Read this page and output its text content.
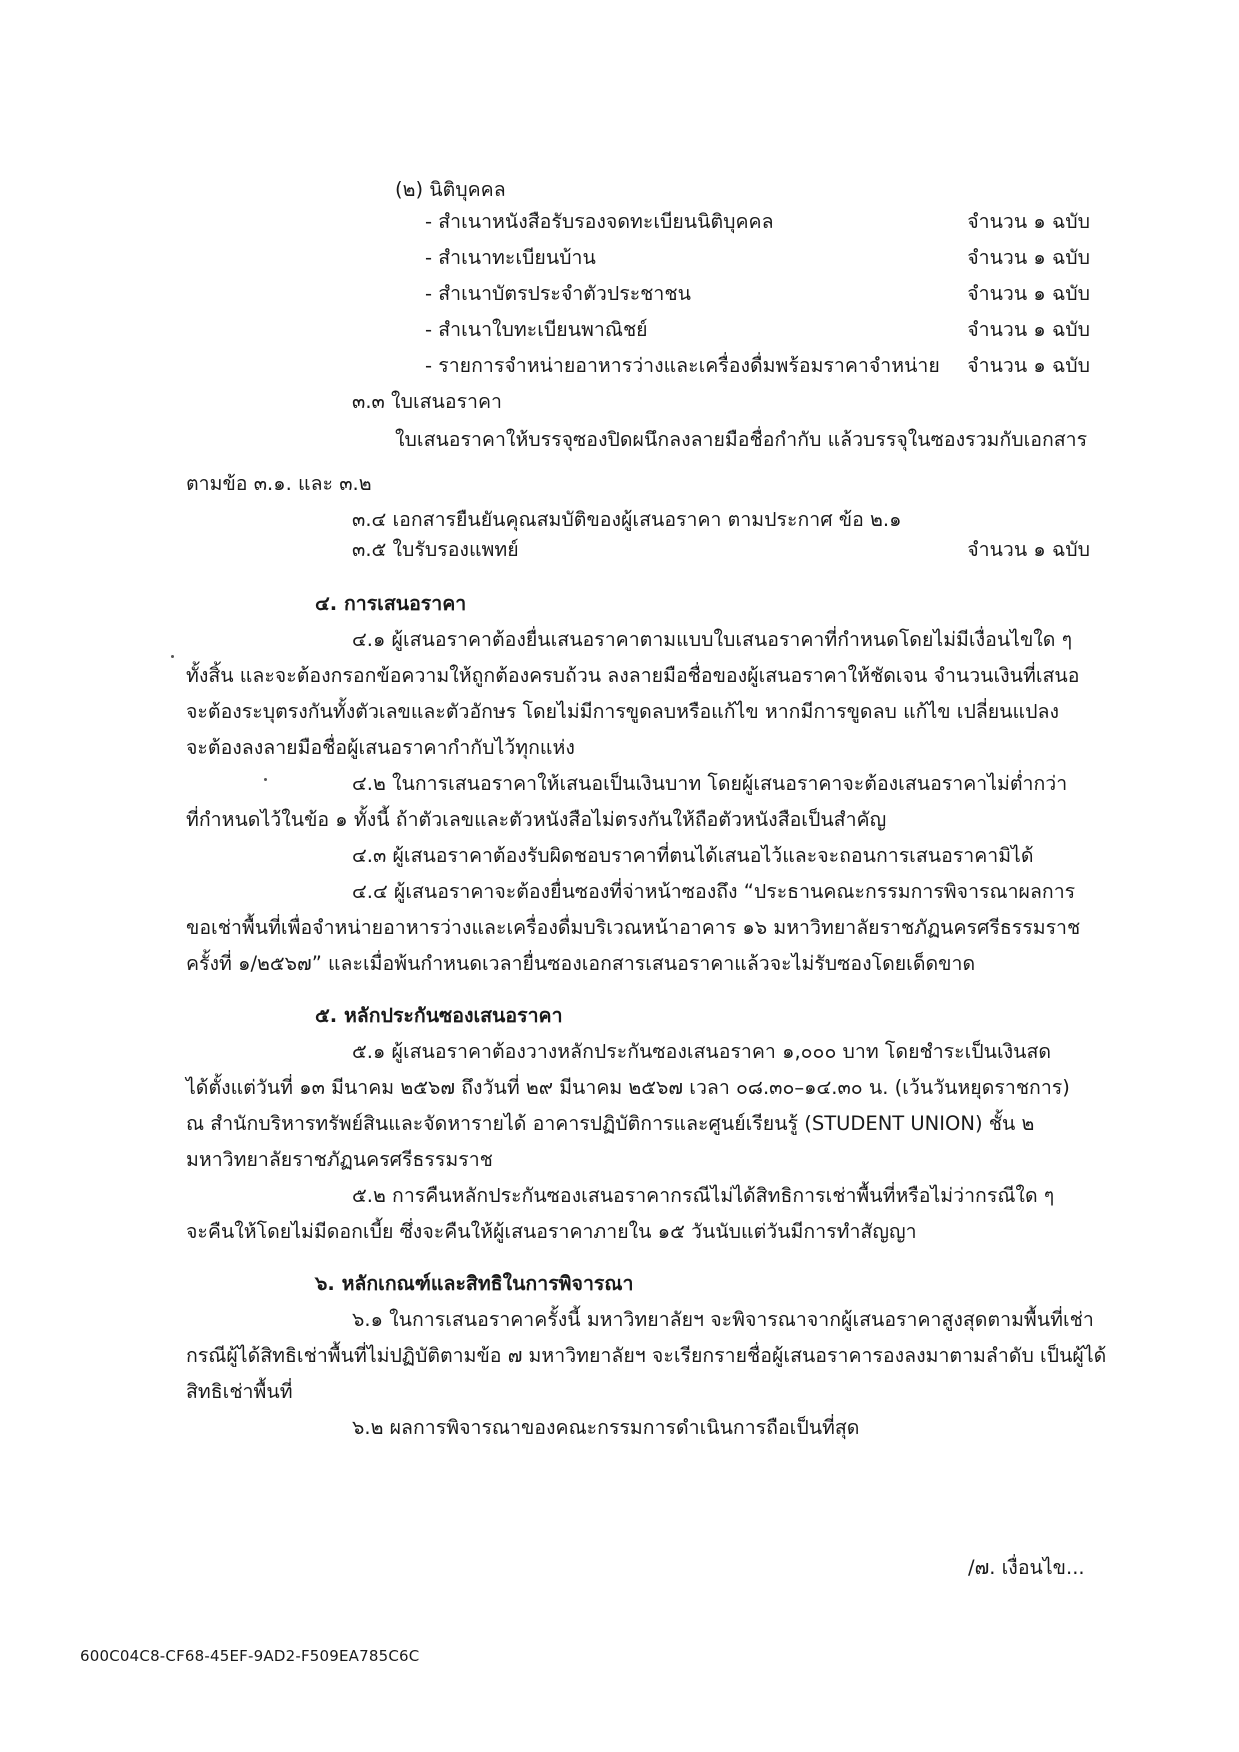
(๒) นิติบุคคล
- สำเนาหนังสือรับรองจดทะเบียนนิติบุคคล	จำนวน ๑ ฉบับ
- สำเนาทะเบียนบ้าน	จำนวน ๑ ฉบับ
- สำเนาบัตรประจำตัวประชาชน	จำนวน ๑ ฉบับ
- สำเนาใบทะเบียนพาณิชย์	จำนวน ๑ ฉบับ
- รายการจำหน่ายอาหารว่างและเครื่องดื่มพร้อมราคาจำหน่าย จำนวน ๑ ฉบับ
๓.๓ ใบเสนอราคา
ใบเสนอราคาให้บรรจุซองปิดผนึกลงลายมือชื่อกำกับ แล้วบรรจุในซองรวมกับเอกสาร
ตามข้อ ๓.๑. และ ๓.๒
๓.๔ เอกสารยืนยันคุณสมบัติของผู้เสนอราคา ตามประกาศ ข้อ ๒.๑
๓.๕ ใบรับรองแพทย์	จำนวน ๑ ฉบับ
๔. การเสนอราคา
๔.๑ ผู้เสนอราคาต้องยื่นเสนอราคาตามแบบใบเสนอราคาที่กำหนดโดยไม่มีเงื่อนไขใด ๆ
ทั้งสิ้น และจะต้องกรอกข้อความให้ถูกต้องครบถ้วน ลงลายมือชื่อของผู้เสนอราคาให้ชัดเจน จำนวนเงินที่เสนอ
จะต้องระบุตรงกันทั้งตัวเลขและตัวอักษร โดยไม่มีการขูดลบหรือแก้ไข หากมีการขูดลบ แก้ไข เปลี่ยนแปลง
จะต้องลงลายมือชื่อผู้เสนอราคากำกับไว้ทุกแห่ง
๔.๒ ในการเสนอราคาให้เสนอเป็นเงินบาท โดยผู้เสนอราคาจะต้องเสนอราคาไม่ต่ำกว่า
ที่กำหนดไว้ในข้อ ๑ ทั้งนี้ ถ้าตัวเลขและตัวหนังสือไม่ตรงกันให้ถือตัวหนังสือเป็นสำคัญ
๔.๓ ผู้เสนอราคาต้องรับผิดชอบราคาที่ตนได้เสนอไว้และจะถอนการเสนอราคามิได้
๔.๔ ผู้เสนอราคาจะต้องยื่นซองที่จ่าหน้าซองถึง “ประธานคณะกรรมการพิจารณาผลการ
ขอเช่าพื้นที่เพื่อจำหน่ายอาหารว่างและเครื่องดื่มบริเวณหน้าอาคาร ๑๖ มหาวิทยาลัยราชภัฏนครศรีธรรมราช
ครั้งที่ ๑/๒๕๖๗” และเมื่อพ้นกำหนดเวลายื่นซองเอกสารเสนอราคาแล้วจะไม่รับซองโดยเด็ดขาด
๕. หลักประกันซองเสนอราคา
๕.๑ ผู้เสนอราคาต้องวางหลักประกันซองเสนอราคา ๑,๐๐๐ บาท โดยชำระเป็นเงินสด
ได้ตั้งแต่วันที่ ๑๓ มีนาคม ๒๕๖๗ ถึงวันที่ ๒๙ มีนาคม ๒๕๖๗ เวลา ๐๘.๓๐–๑๔.๓๐ น. (เว้นวันหยุดราชการ)
ณ สำนักบริหารทรัพย์สินและจัดหารายได้ อาคารปฏิบัติการและศูนย์เรียนรู้ (STUDENT UNION) ชั้น ๒
มหาวิทยาลัยราชภัฏนครศรีธรรมราช
๕.๒ การคืนหลักประกันซองเสนอราคากรณีไม่ได้สิทธิการเช่าพื้นที่หรือไม่ว่ากรณีใด ๆ
จะคืนให้โดยไม่มีดอกเบี้ย ซึ่งจะคืนให้ผู้เสนอราคาภายใน ๑๕ วันนับแต่วันมีการทำสัญญา
๖. หลักเกณฑ์และสิทธิในการพิจารณา
๖.๑ ในการเสนอราคาครั้งนี้ มหาวิทยาลัยฯ จะพิจารณาจากผู้เสนอราคาสูงสุดตามพื้นที่เช่า
กรณีผู้ได้สิทธิเช่าพื้นที่ไม่ปฏิบัติตามข้อ ๗ มหาวิทยาลัยฯ จะเรียกรายชื่อผู้เสนอราคารองลงมาตามลำดับ เป็นผู้ได้
สิทธิเช่าพื้นที่
๖.๒ ผลการพิจารณาของคณะกรรมการดำเนินการถือเป็นที่สุด
/๗. เงื่อนไข...
600C04C8-CF68-45EF-9AD2-F509EA785C6C
